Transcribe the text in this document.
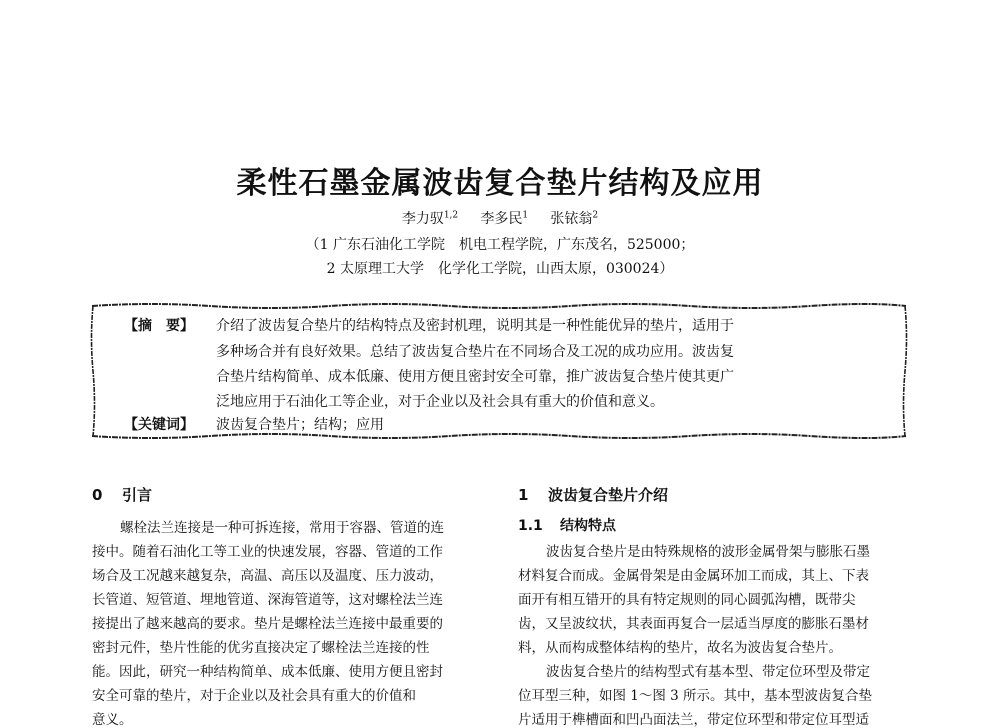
柔性石墨金属波齿复合垫片结构及应用
李力驭$^{1,2}$ 李多民$^1$ 张铱翁$^2$
（1 广东石油化工学院　机电工程学院，广东茂名，525000；
2 太原理工大学　化学化工学院，山西太原，030024）
【摘　要】 介绍了波齿复合垫片的结构特点及密封机理，说明其是一种性能优异的垫片，适用于
多种场合并有良好效果。总结了波齿复合垫片在不同场合及工况的成功应用。波齿复
合垫片结构简单、成本低廉、使用方便且密封安全可靠，推广波齿复合垫片使其更广
泛地应用于石油化工等企业，对于企业以及社会具有重大的价值和意义。
【关键词】 波齿复合垫片；结构；应用
0 引言
螺栓法兰连接是一种可拆连接，常用于容器、管道的连
接中。随着石油化工等工业的快速发展，容器、管道的工作
场合及工况越来越复杂，高温、高压以及温度、压力波动，
长管道、短管道、埋地管道、深海管道等，这对螺栓法兰连
接提出了越来越高的要求。垫片是螺栓法兰连接中最重要的
密封元件，垫片性能的优劣直接决定了螺栓法兰连接的性
能。因此，研究一种结构简单、成本低廉、使用方便且密封
安全可靠的垫片，对于企业以及社会具有重大的价值和
意义。
1 波齿复合垫片介绍
1.1 结构特点
波齿复合垫片是由特殊规格的波形金属骨架与膨胀石墨
材料复合而成。金属骨架是由金属环加工而成，其上、下表
面开有相互错开的具有特定规则的同心圆弧沟槽，既带尖
齿，又呈波纹状，其表面再复合一层适当厚度的膨胀石墨材
料，从而构成整体结构的垫片，故名为波齿复合垫片。
波齿复合垫片的结构型式有基本型、带定位环型及带定
位耳型三种，如图 1～图 3 所示。其中，基本型波齿复合垫
片适用于榫槽面和凹凸面法兰，带定位环型和带定位耳型适
